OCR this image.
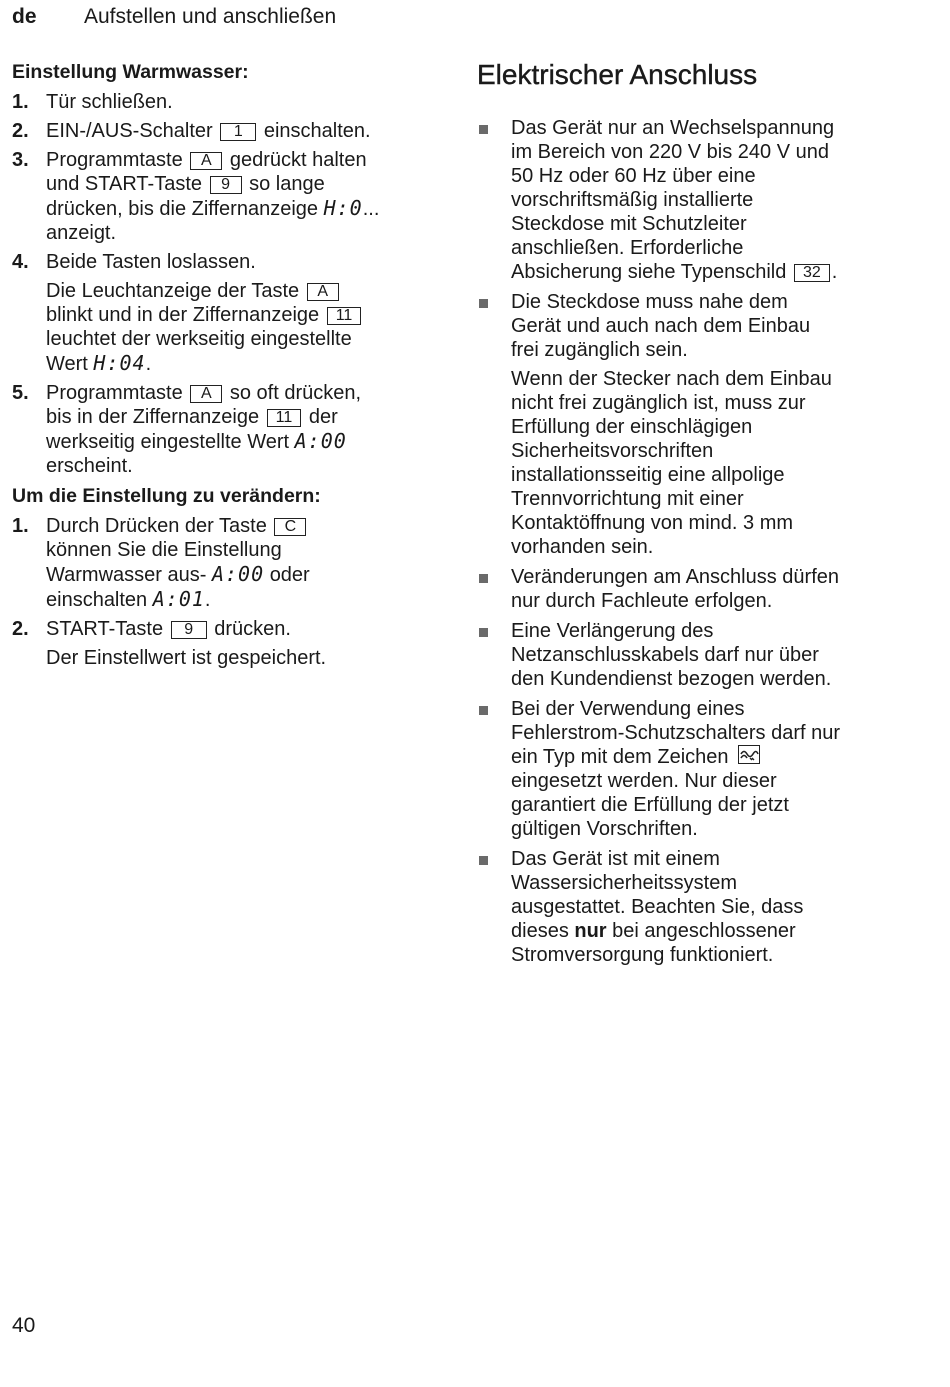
de	Aufstellen und anschließen
Einstellung Warmwasser:
1. Tür schließen.
2. EIN-/AUS-Schalter 1 einschalten.
3. Programmtaste A gedrückt halten
und START-Taste 9 so lange
drücken, bis die Ziffernanzeige H:0...
anzeigt.
4. Beide Tasten loslassen.
Die Leuchtanzeige der Taste A
blinkt und in der Ziffernanzeige 11
leuchtet der werkseitig eingestellte
Wert H:04.
5. Programmtaste A so oft drücken,
bis in der Ziffernanzeige 11 der
werkseitig eingestellte Wert A:00
erscheint.
Um die Einstellung zu verändern:
1. Durch Drücken der Taste C
können Sie die Einstellung
Warmwasser aus- A:00 oder
einschalten A:01.
2. START-Taste 9 drücken.
Der Einstellwert ist gespeichert.
Elektrischer Anschluss
Das Gerät nur an Wechselspannung
im Bereich von 220 V bis 240 V und
50 Hz oder 60 Hz über eine
vorschriftsmäßig installierte
Steckdose mit Schutzleiter
anschließen. Erforderliche
Absicherung siehe Typenschild 32 .
Die Steckdose muss nahe dem
Gerät und auch nach dem Einbau
frei zugänglich sein.
Wenn der Stecker nach dem Einbau
nicht frei zugänglich ist, muss zur
Erfüllung der einschlägigen
Sicherheitsvorschriften
installationsseitig eine allpolige
Trennvorrichtung mit einer
Kontaktöffnung von mind. 3 mm
vorhanden sein.
Veränderungen am Anschluss dürfen
nur durch Fachleute erfolgen.
Eine Verlängerung des
Netzanschlusskabels darf nur über
den Kundendienst bezogen werden.
Bei der Verwendung eines
Fehlerstrom-Schutzschalters darf nur
ein Typ mit dem Zeichen

eingesetzt werden. Nur dieser
garantiert die Erfüllung der jetzt
gültigen Vorschriften.
Das Gerät ist mit einem
Wassersicherheitssystem
ausgestattet. Beachten Sie, dass
dieses nur bei angeschlossener
Stromversorgung funktioniert.
40
